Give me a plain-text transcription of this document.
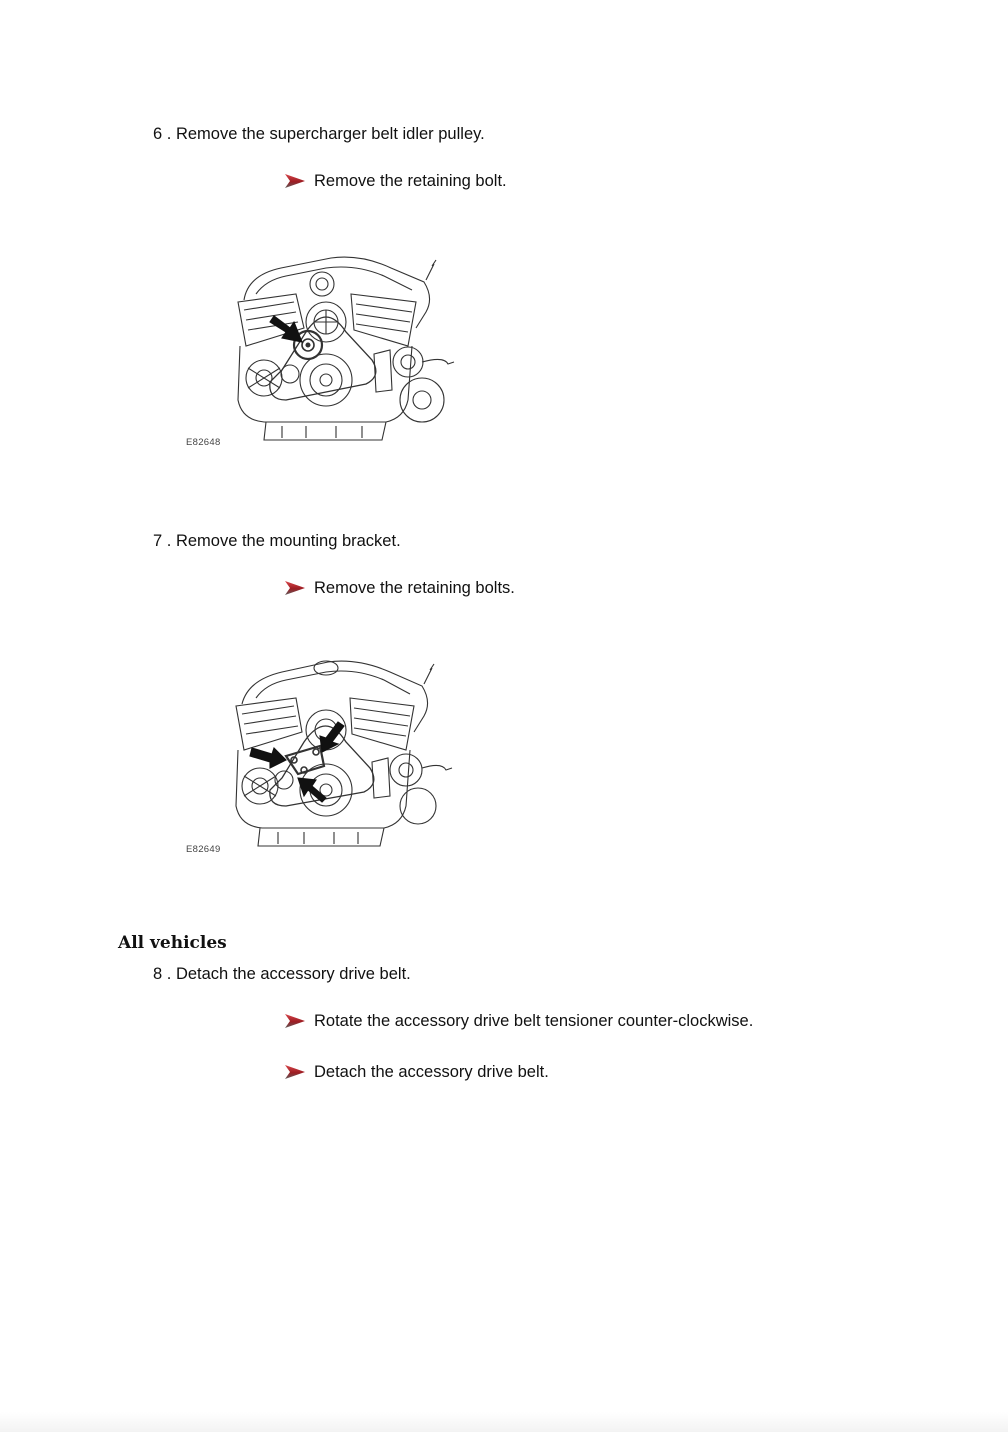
6 . Remove the supercharger belt idler pulley.
Remove the retaining bolt.
E82648
7 . Remove the mounting bracket.
Remove the retaining bolts.
E82649
All vehicles
8 . Detach the accessory drive belt.
Rotate the accessory drive belt tensioner counter-clockwise.
Detach the accessory drive belt.
